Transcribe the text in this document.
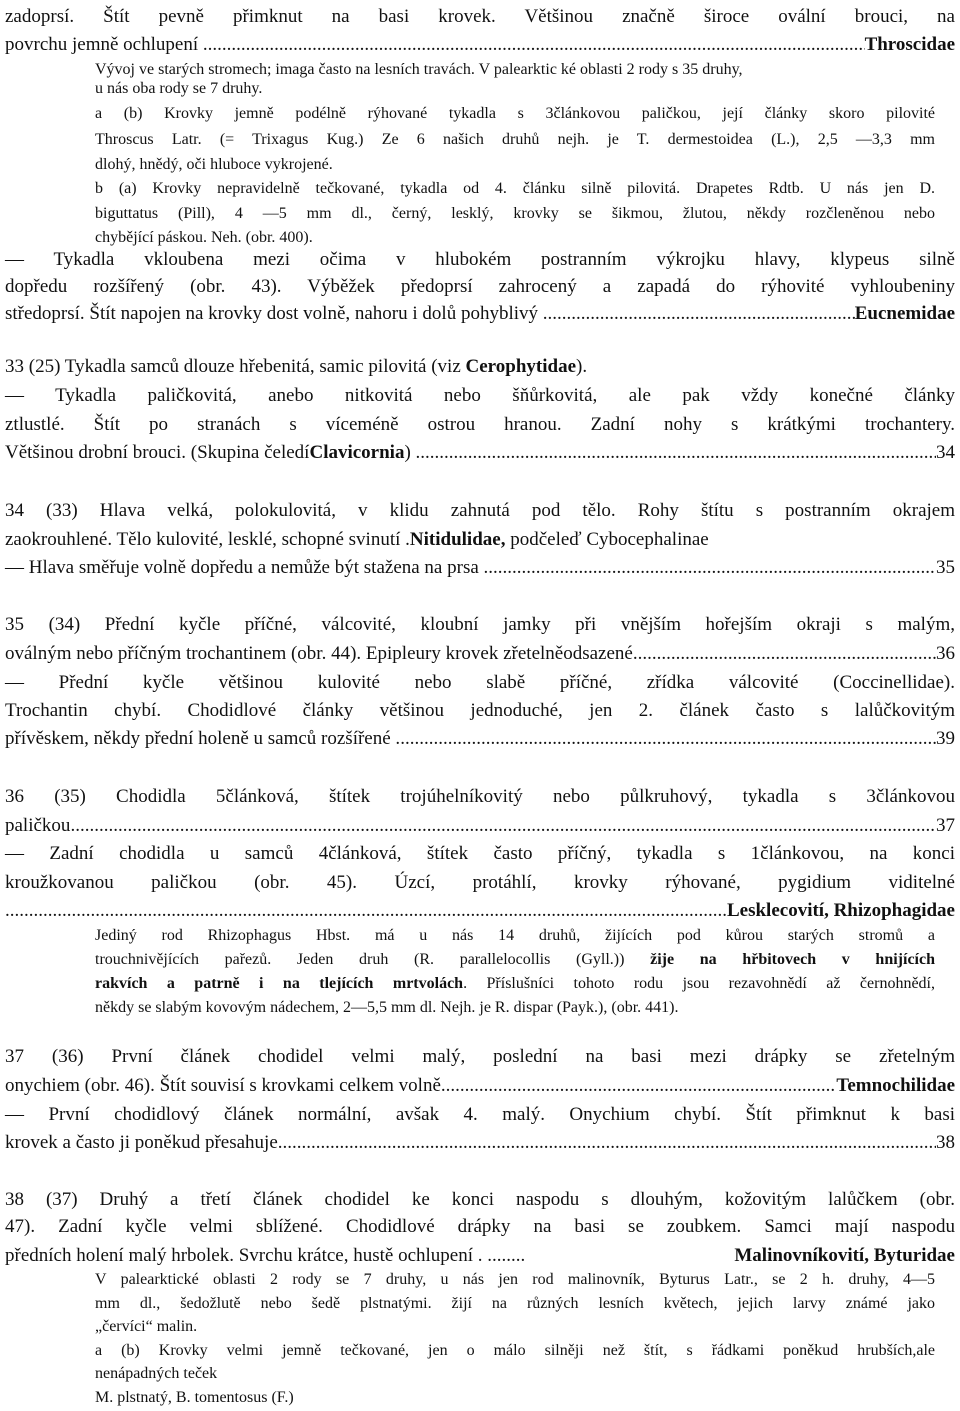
zadoprsí. Štít pevně přimknut na basi krovek. Většinou značně široce ovální brouci, na

povrchu jemně ochlupení . .....	Throscidae

Vývoj ve starých stromech; imaga často na lesních travách. V palearktic ké oblasti 2 rody s 35 druhy,

u nás oba rody se 7 druhy.

a (b) Krovky jemně podélně rýhované tykadla s 3článkovou paličkou, její články skoro pilovité

Throscus Latr. (= Trixagus Kug.) Ze 6 našich druhů nejh. je T. dermestoidea (L.), 2,5 —3,3 mm

dlohý, hnědý, oči hluboce vykrojené.

b (a) Krovky nepravidelně tečkované, tykadla od 4. článku silně pilovitá. Drapetes Rdtb. U nás jen D.

biguttatus (Pill), 4 —5 mm dl., černý, lesklý, krovky se šikmou, žlutou, někdy rozčleněnou nebo

chybějící páskou. Neh. (obr. 400).

— Tykadla vkloubena mezi očima v hlubokém postranním výkrojku hlavy, klypeus silně

dopředu rozšířený (obr. 43). Výběžek předoprsí zahrocený a zapadá do rýhovité vyhloubeniny

středoprsí. Štít napojen na krovky dost volně, nahoru i dolů pohyblivý . .....	Eucnemidae

33 (25) Tykadla samců dlouze hřebenitá, samic pilovitá (viz Cerophytidae).

— Tykadla paličkovitá, anebo nitkovitá nebo šňůrkovitá, ale pak vždy konečné články

ztlustlé. Štít po stranách s víceméně ostrou hranou. Zadní nohy s krátkými trochantery.

Většinou drobní brouci. (Skupina čeledí Clavicornia ) . .....	34

34 (33) Hlava velká, polokulovitá, v klidu zahnutá pod tělo. Rohy štítu s postranním okrajem

zaokrouhlené. Tělo kulovité, lesklé, schopné svinutí .Nitidulidae, podčeleď Cybocephalinae

— Hlava směřuje volně dopředu a nemůže být stažena na prsa . .....	35

35 (34) Přední kyčle příčné, válcovité, kloubní jamky při vnějším hořejším okraji s malým,

oválným nebo příčným trochantinem (obr. 44). Epipleury krovek zřetelněodsazené .....	36

— Přední kyčle většinou kulovité nebo slabě příčné, zřídka válcovité (Coccinellidae).

Trochantin chybí. Chodidlové články většinou jednoduché, jen 2. článek často s lalůčkovitým

přívěskem, někdy přední holeně u samců rozšířené . .....	39

36 (35) Chodidla 5článková, štítek trojúhelníkovitý nebo půlkruhový, tykadla s 3článkovou

paličkou .....	37

— Zadní chodidla u samců 4článková, štítek často příčný, tykadla s 1článkovou, na konci

kroužkovanou paličkou (obr. 45). Úzcí, protáhlí, krovky rýhované, pygidium viditelné

. .....	Lesklecovití, Rhizophagidae

Jediný rod Rhizophagus Hbst. má u nás 14 druhů, žijících pod kůrou starých stromů a

trouchnivějících pařezů. Jeden druh (R. parallelocollis (Gyll.)) žije na hřbitovech v hnijících

rakvích a patrně i na tlejících mrtvolách. Příslušníci tohoto rodu jsou rezavohnědí až černohnědí,

někdy se slabým kovovým nádechem, 2—5,5 mm dl. Nejh. je R. dispar (Payk.), (obr. 441).

37 (36) První článek chodidel velmi malý, poslední na basi mezi drápky se zřetelným

onychiem (obr. 46). Štít souvisí s krovkami celkem volně .....	Temnochilidae

— První chodidlový článek normální, avšak 4. malý. Onychium chybí. Štít přimknut k basi

krovek a často ji poněkud přesahuje .....	38

38 (37) Druhý a třetí článek chodidel ke konci naspodu s dlouhým, kožovitým lalůčkem (obr.

47). Zadní kyčle velmi sblížené. Chodidlové drápky na basi se zoubkem. Samci mají naspodu

předních holení malý hrbolek. Svrchu krátce, hustě ochlupení . ........	Malinovníkovití, Byturidae

V palearktické oblasti 2 rody se 7 druhy, u nás jen rod malinovník, Byturus Latr., se 2 h. druhy, 4—5

mm dl., šedožlutě nebo šedě plstnatými. žijí na různých lesních květech, jejich larvy známé jako

„červíci“ malin.

a (b) Krovky velmi jemně tečkované, jen o málo silněji než štít, s řádkami poněkud hrubších,ale

nenápadných teček

M. plstnatý, B. tomentosus (F.)
